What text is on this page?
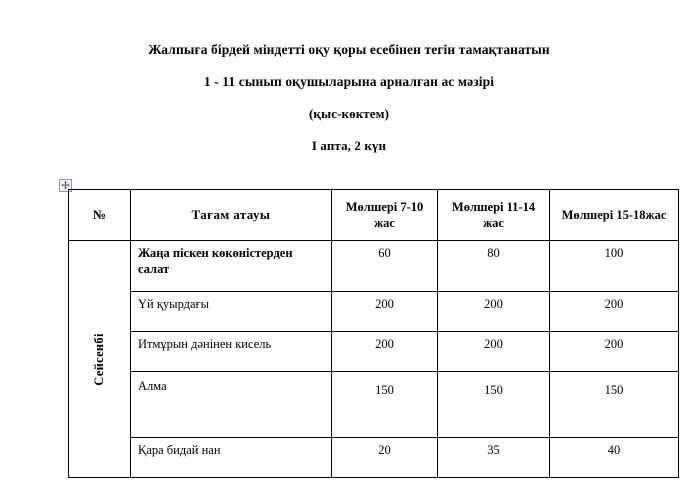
Жалпыға бірдей міндетті оқу қоры есебінен тегін тамақтанатын
1 - 11 сынып оқушыларына арналған ас мәзірі
(қыс-көктем)
I апта, 2 күн
№	Тағам атауы	Мөлшері 7-10 жас	Мөлшері 11-14 жас	Мөлшері 15-18жас
Сейсенбі	Жаңа піскен көкөністерден салат	60	80	100
	Үй қуырдағы	200	200	200
	Итмұрын дәнінен кисель	200	200	200
	Алма	150	150	150
	Қара бидай нан	20	35	40
